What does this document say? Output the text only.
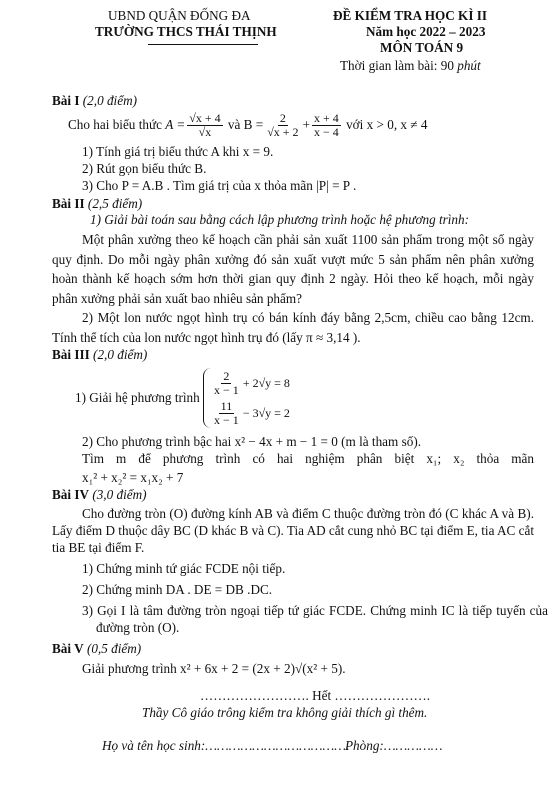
UBND QUẬN ĐỐNG ĐA
TRƯỜNG THCS THÁI THỊNH
ĐỀ KIỂM TRA HỌC KÌ II
Năm học 2022 – 2023
MÔN TOÁN 9
Thời gian làm bài: 90 phút
Bài I (2,0 điểm)
Cho hai biểu thức
$A = \frac{√x + 4}{√x}$
và
$B = \frac{2}{√x + 2} + \frac{x + 4}{x - 4}$
với x > 0, x ≠ 4
1) Tính giá trị biểu thức A khi x = 9.
2) Rút gọn biểu thức B.
3) Cho P = A.B . Tìm giá trị của x thỏa mãn |P| = P .
Bài II (2,5 điểm)
1) Giải bài toán sau bằng cách lập phương trình hoặc hệ phương trình:
Một phân xưởng theo kế hoạch cần phải sản xuất 1100 sản phẩm trong một số ngày quy định. Do mỗi ngày phân xưởng đó sản xuất vượt mức 5 sản phẩm nên phân xưởng hoàn thành kế hoạch sớm hơn thời gian quy định 2 ngày. Hỏi theo kế hoạch, mỗi ngày phân xưởng phải sản xuất bao nhiêu sản phẩm?
2) Một lon nước ngọt hình trụ có bán kính đáy bằng 2,5cm, chiều cao bằng 12cm. Tính thể tích của lon nước ngọt hình trụ đó (lấy π ≈ 3,14 ).
Bài III (2,0 điểm)
1) Giải hệ phương trình

$\frac{2}{x - 1} + 2√y = 8$
$\frac{11}{x - 1} - 3√y = 2$
2) Cho phương trình bậc hai x² − 4x + m − 1 = 0 (m là tham số).
Tìm m để phương trình có hai nghiệm phân biệt x₁; x₂ thỏa mãn
x₁² + x₂² = x₁x₂ + 7
Bài IV (3,0 điểm)
Cho đường tròn (O) đường kính AB và điểm C thuộc đường tròn đó (C khác A và B). Lấy điểm D thuộc dây BC (D khác B và C). Tia AD cắt cung nhỏ BC tại điểm E, tia AC cắt tia BE tại điểm F.
1) Chứng minh tứ giác FCDE nội tiếp.
2) Chứng minh DA . DE = DB .DC.
3) Gọi I là tâm đường tròn ngoại tiếp tứ giác FCDE. Chứng minh IC là tiếp tuyến của đường tròn (O).
Bài V (0,5 điểm)
Giải phương trình x² + 6x + 2 = (2x + 2)√(x² + 5).
……………………. Hết ………………….
Thầy Cô giáo trông kiểm tra không giải thích gì thêm.
Họ và tên học sinh:……………………………….
Phòng:……………
